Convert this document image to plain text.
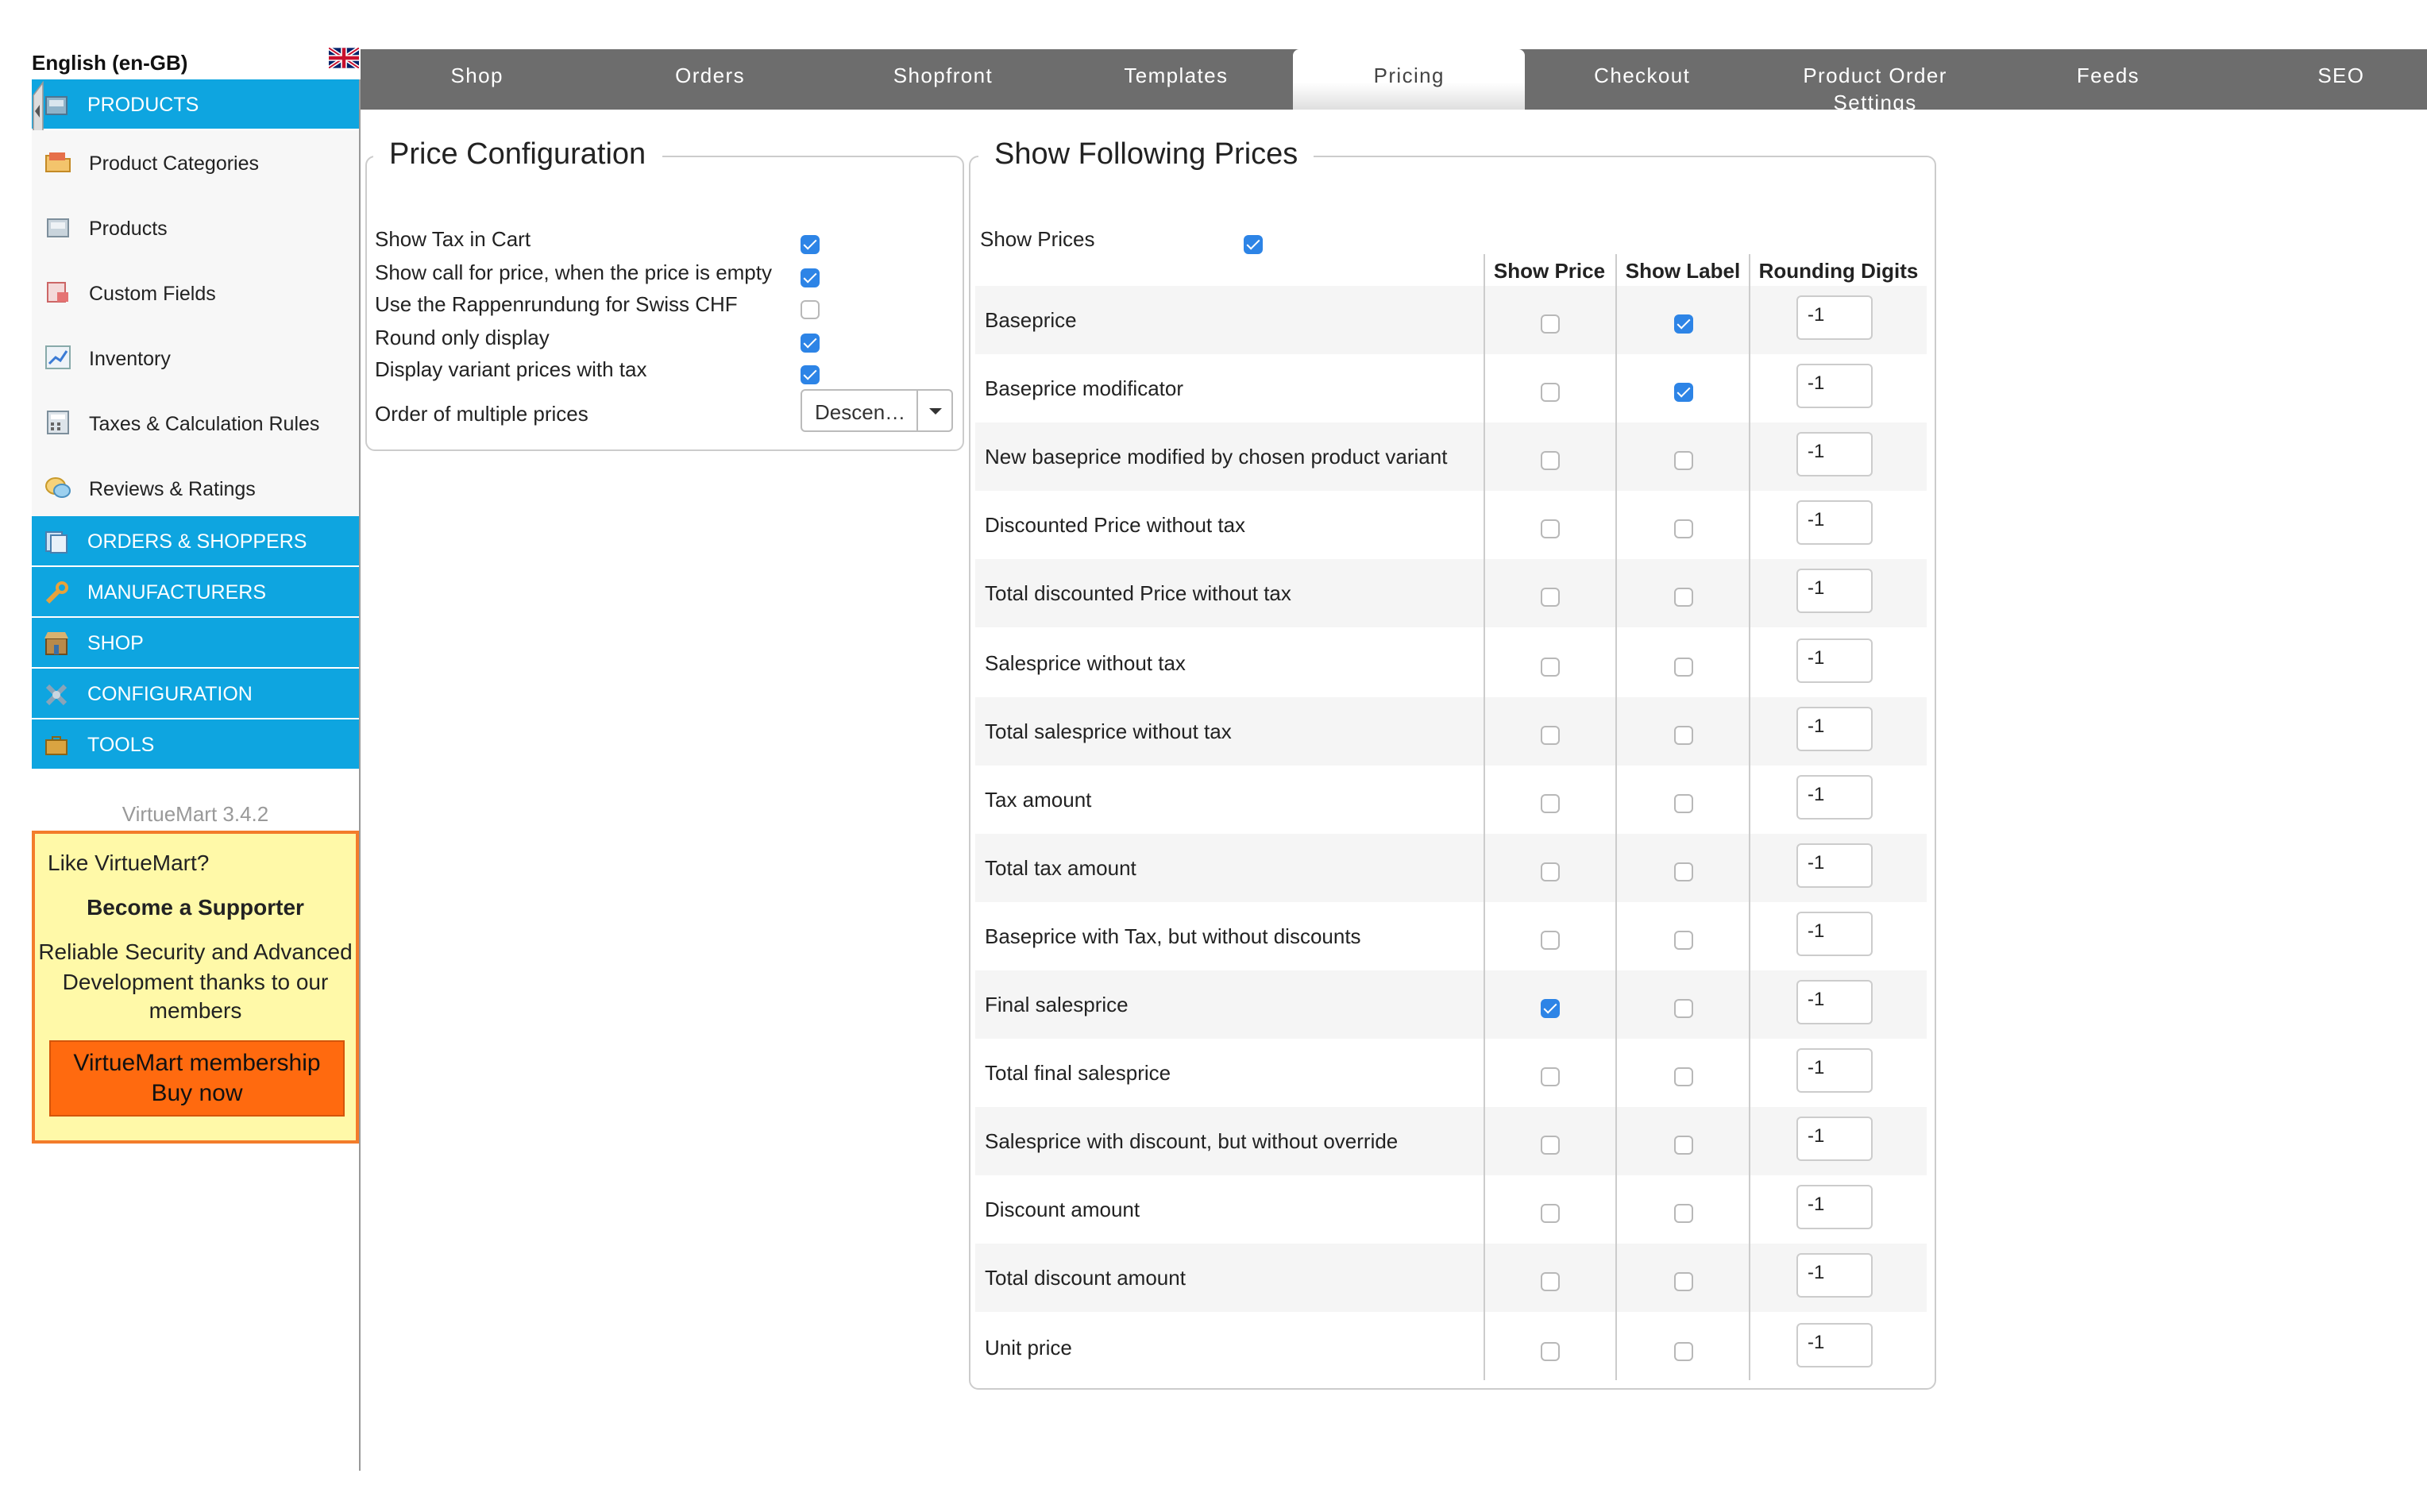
English (en-GB)
PRODUCTS
Product Categories
Products
Custom Fields
Inventory
Taxes & Calculation Rules
Reviews & Ratings
ORDERS & SHOPPERS
MANUFACTURERS
SHOP
CONFIGURATION
TOOLS
VirtueMart 3.4.2
Like VirtueMart?
Become a Supporter
Reliable Security and Advanced Development thanks to our members
VirtueMart membership
Buy now
Shop	Orders	Shopfront	Templates	Pricing	Checkout	Product Order Settings
Feeds	SEO
Price Configuration
Show Tax in Cart
Show call for price, when the price is empty
Use the Rappenrundung for Swiss CHF
Round only display
Display variant prices with tax
Order of multiple prices	Descen…
Show Following Prices
Show Prices
Show Price	Show Label	Rounding Digits
Baseprice	-1
Baseprice modificator	-1
New baseprice modified by chosen product variant	-1
Discounted Price without tax	-1
Total discounted Price without tax	-1
Salesprice without tax	-1
Total salesprice without tax	-1
Tax amount	-1
Total tax amount	-1
Baseprice with Tax, but without discounts	-1
Final salesprice	-1
Total final salesprice	-1
Salesprice with discount, but without override	-1
Discount amount	-1
Total discount amount	-1
Unit price	-1
